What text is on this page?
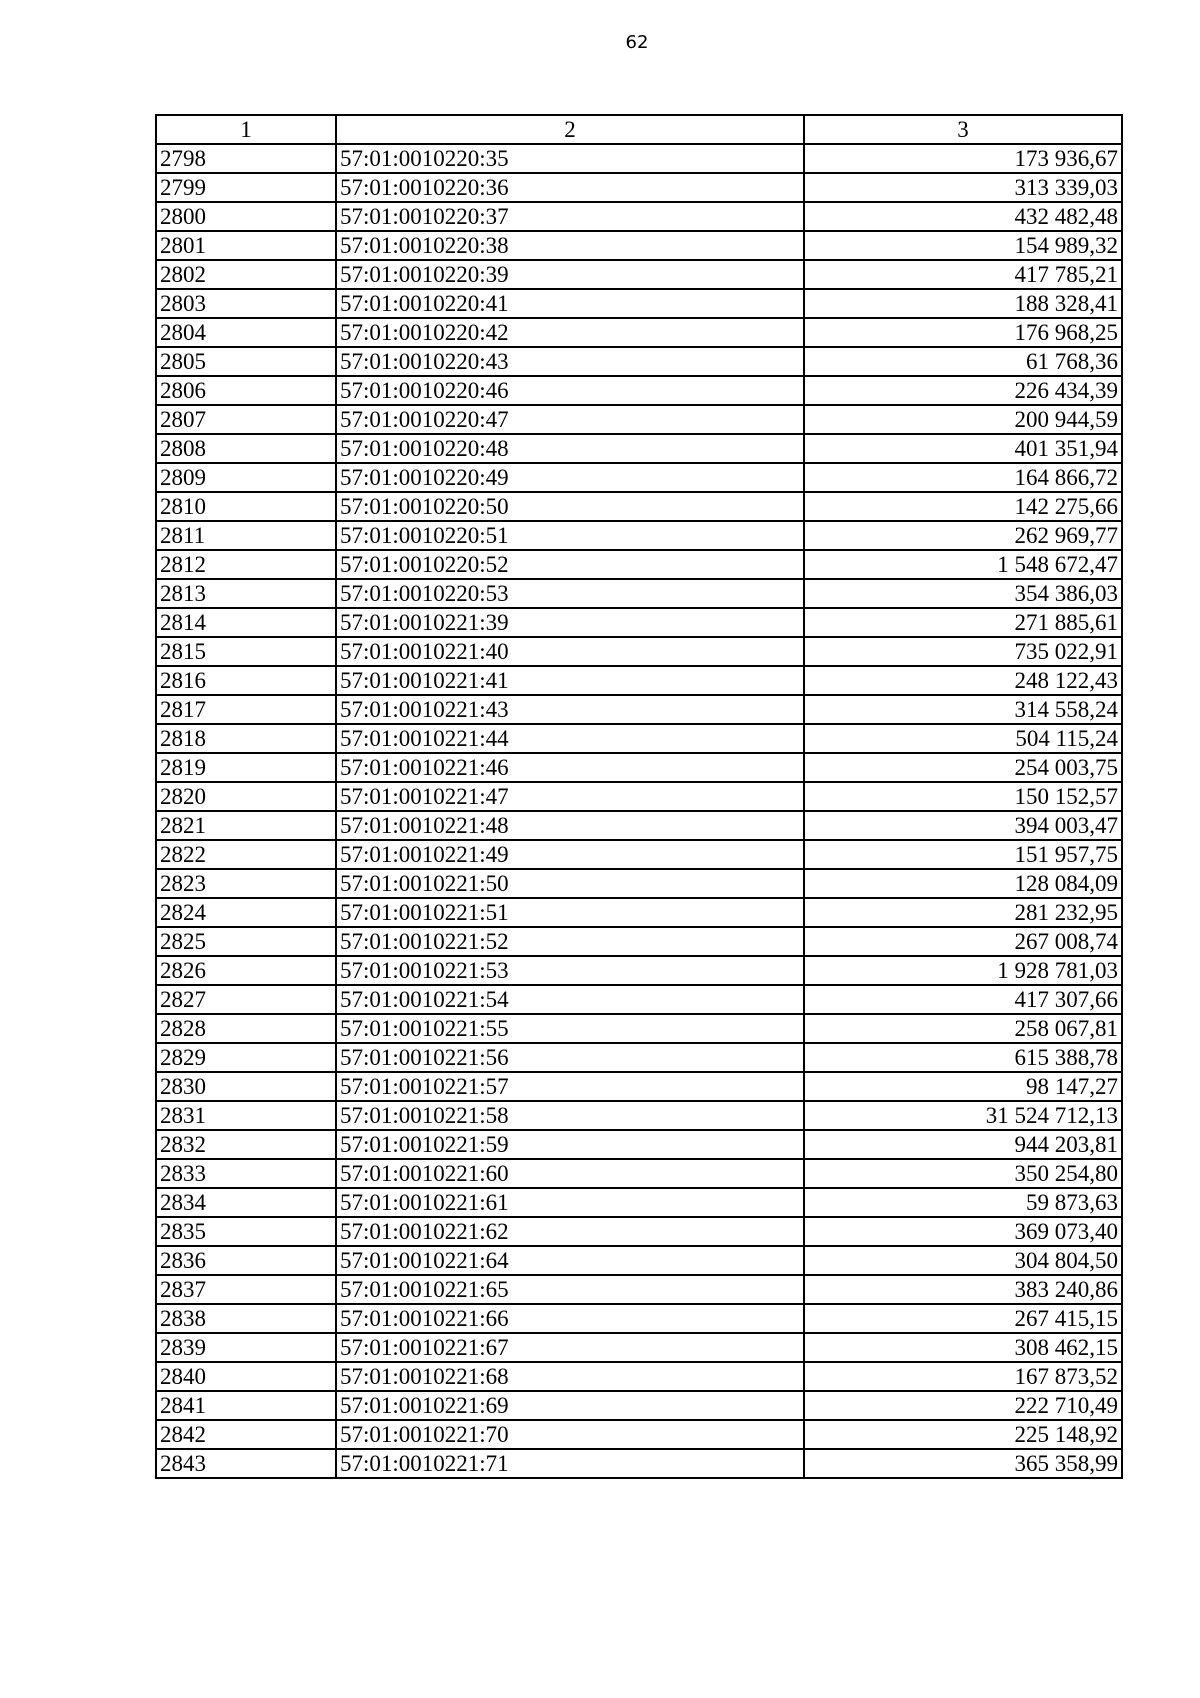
62
1	2	3
2798	57:01:0010220:35	173 936,67
2799	57:01:0010220:36	313 339,03
2800	57:01:0010220:37	432 482,48
2801	57:01:0010220:38	154 989,32
2802	57:01:0010220:39	417 785,21
2803	57:01:0010220:41	188 328,41
2804	57:01:0010220:42	176 968,25
2805	57:01:0010220:43	61 768,36
2806	57:01:0010220:46	226 434,39
2807	57:01:0010220:47	200 944,59
2808	57:01:0010220:48	401 351,94
2809	57:01:0010220:49	164 866,72
2810	57:01:0010220:50	142 275,66
2811	57:01:0010220:51	262 969,77
2812	57:01:0010220:52	1 548 672,47
2813	57:01:0010220:53	354 386,03
2814	57:01:0010221:39	271 885,61
2815	57:01:0010221:40	735 022,91
2816	57:01:0010221:41	248 122,43
2817	57:01:0010221:43	314 558,24
2818	57:01:0010221:44	504 115,24
2819	57:01:0010221:46	254 003,75
2820	57:01:0010221:47	150 152,57
2821	57:01:0010221:48	394 003,47
2822	57:01:0010221:49	151 957,75
2823	57:01:0010221:50	128 084,09
2824	57:01:0010221:51	281 232,95
2825	57:01:0010221:52	267 008,74
2826	57:01:0010221:53	1 928 781,03
2827	57:01:0010221:54	417 307,66
2828	57:01:0010221:55	258 067,81
2829	57:01:0010221:56	615 388,78
2830	57:01:0010221:57	98 147,27
2831	57:01:0010221:58	31 524 712,13
2832	57:01:0010221:59	944 203,81
2833	57:01:0010221:60	350 254,80
2834	57:01:0010221:61	59 873,63
2835	57:01:0010221:62	369 073,40
2836	57:01:0010221:64	304 804,50
2837	57:01:0010221:65	383 240,86
2838	57:01:0010221:66	267 415,15
2839	57:01:0010221:67	308 462,15
2840	57:01:0010221:68	167 873,52
2841	57:01:0010221:69	222 710,49
2842	57:01:0010221:70	225 148,92
2843	57:01:0010221:71	365 358,99
